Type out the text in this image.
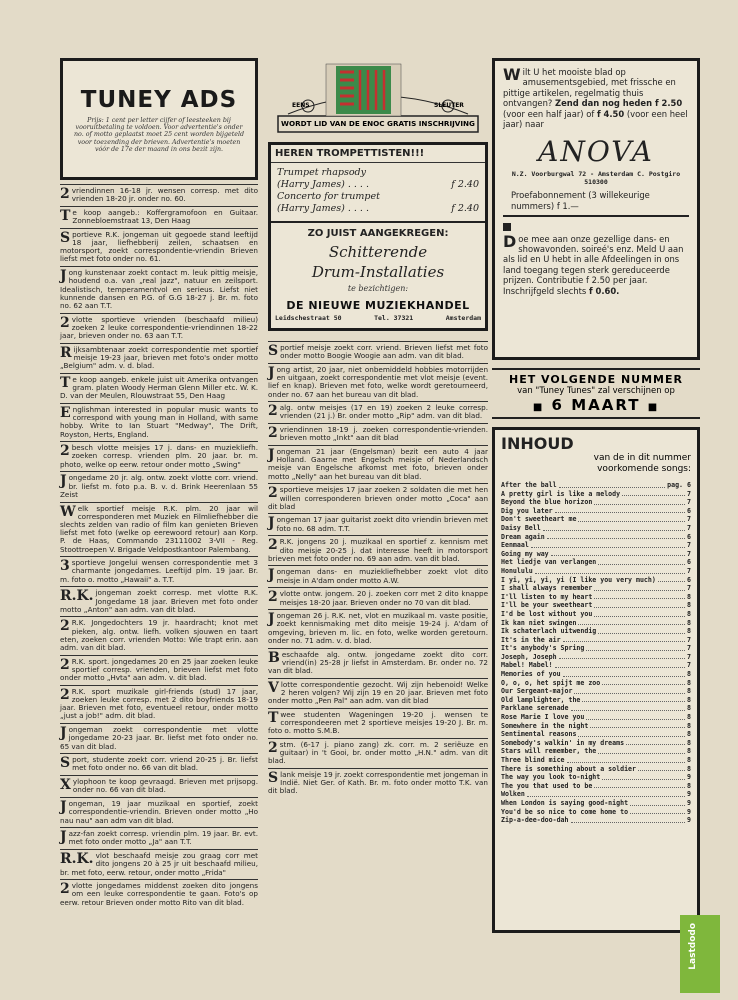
TUNEY ADS
Prijs: 1 cent per letter cijfer of leesteeken bij vooruitbetaling te voldoen. Voor advertentie's onder no. of motto geplaatst moet 25 cent worden bijgeteld voor toezending der brieven. Advertentie's moeten vóór de 17e der maand in ons bezit zijn.
2 vriendinnen 16-18 jr. wensen corresp. met dito vrienden 18-20 jr. onder no. 60.
Te koop aangeb.: Koffergramofoon en Guitaar. Zonnebloemstraat 13, Den Haag
Sportieve R.K. jongeman uit gegoede stand leeftijd 18 jaar, liefhebberij zeilen, schaatsen en motorsport, zoekt correspondentie-vriendin Brieven liefst met foto onder no. 61.
Jong kunstenaar zoekt contact m. leuk pittig meisje, houdend o.a. van „real jazz", natuur en zeilsport. Idealistisch, temperamentvol en serieus. Liefst niet kunnende dansen en P.G. of G.G 18-27 j. Br. m. foto no. 62 aan T.T.
2 vlotte sportieve vrienden (beschaafd milieu) zoeken 2 leuke correspondentie-vriendinnen 18-22 jaar, brieven onder no. 63 aan T.T.
Rijksambtenaar zoekt correspondentie met sportief meisje 19-23 jaar, brieven met foto's onder motto „Belgium" adm. v. d. blad.
Te koop aangeb. enkele juist uit Amerika ontvangen gram. platen Woody Herman Glenn Miller etc. W. K. D. van der Meulen, Rlouwstraat 55, Den Haag
Englishman interested in popular music wants to correspond with young man in Holland, with same hobby. Write to Ian Stuart "Medway", The Drift, Royston, Herts, England.
2 besch vlotte meisjes 17 j. dans- en muziekliefh. zoeken corresp. vrienden plm. 20 jaar. br. m. photo, welke op eerw. retour onder motto „Swing"
Jongedame 20 jr. alg. ontw. zoekt vlotte corr. vriend. br. liefst m. foto p.a. B. v. d. Brink Heerenlaan 55 Zeist
Welk sportief meisje R.K. plm. 20 jaar wil corresponderen met Muziek en Filmliefhebber die slechts zelden van radio of film kan genieten Brieven liefst met foto (welke op eerewoord retour) aan Korp. P. de Haas, Commando 23111002 3-VII - Reg. Stoottroepen V. Brigade Veldpostkantoor Palembang.
3 sportieve Jongelui wensen correspondentie met 3 charmante jongedames. Leeftijd plm. 19 jaar. Br. m. foto o. motto „Hawaii" a. T.T.
R.K. jongeman zoekt corresp. met vlotte R.K. Jongedame 18 jaar. Brieven met foto onder motto „Anton" aan adm. van dit blad.
2 R.K. Jongedochters 19 jr. haardracht; knot met pieken, alg. ontw. liefh. volken sjouwen en taart eten, zoeken corr. vrienden Motto: Wie trapt erin. aan adm. van dit blad.
2 R.K. sport. jongedames 20 en 25 jaar zoeken leuke sportief corresp. vrienden, brieven liefst met foto onder motto „Hvta" aan adm. v. dit blad.
2 R.K. sport muzikale girl-friends (stud) 17 jaar, zoeken leuke corresp. met 2 dito boyfriends 18-19 jaar. Brieven met foto, eventueel retour, onder motto „just a job!" adm. dit blad.
Jongeman zoekt correspondentie met vlotte jongedame 20-23 jaar. Br. liefst met foto onder no. 65 van dit blad.
Sport, studente zoekt corr. vriend 20-25 j. Br. liefst met foto onder no. 66 van dit blad.
Xylophoon te koop gevraagd. Brieven met prijsopg. onder no. 66 van dit blad.
Jongeman, 19 jaar muzikaal en sportief, zoekt correspondentie-vriendin. Brieven onder motto „Ho nau nau" aan adm van dit blad.
Jazz-fan zoekt corresp. vriendin plm. 19 jaar. Br. evt. met foto onder motto „Ja" aan T.T.
R.K. vlot beschaafd meisje zou graag corr met dito jongens 20 à 25 jr uit beschaafd milieu, br. met foto, eerw. retour, onder motto „Frida"
2 vlotte jongedames middenst zoeken dito jongens om een leuke correspondentie te gaan. Foto's op eerw. retour Brieven onder motto Rito van dit blad.
EENS	SLEUTER
WORDT LID VAN DE ENOC GRATIS INSCHRIJVING
HEREN TROMPETTISTEN!!!
Trumpet rhapsody
(Harry James) . . . .	f 2.40
Concerto for trumpet
(Harry James) . . . .	f 2.40
ZO JUIST AANGEKREGEN:
Schitterende
Drum-Installaties
te bezichtigen:
DE NIEUWE MUZIEKHANDEL
Leidschestraat 50	Tel. 37321	Amsterdam
Sportief meisje zoekt corr. vriend. Brieven liefst met foto onder motto Boogie Woogie aan adm. van dit blad.
Jong artist, 20 jaar, niet onbemiddeld hobbies motorrijden en uitgaan, zoekt correspondentie met vlot meisje (event. lief en knap). Brieven met foto, welke wordt geretourneerd, onder no. 67 aan het bureau van dit blad.
2 alg. ontw meisjes (17 en 19) zoeken 2 leuke corresp. vrienden (21 j.) Br. onder motto „Rip" adm. van dit blad.
2 vriendinnen 18-19 j. zoeken correspondentie-vrienden. brieven motto „Inkt" aan dit blad
Jongeman 21 jaar (Engelsman) bezit een auto 4 jaar Holland. Gaarne met Engelsch meisje of Nederlandsch meisje van Engelsche afkomst met foto, brieven onder motto „Nelly" aan het bureau van dit blad.
2 sportieve meisjes 17 jaar zoeken 2 soldaten die met hen willen corresponderen brieven onder motto „Coca" aan dit blad
Jongeman 17 jaar guitarist zoekt dito vriendin brieven met foto no. 68 adm. T.T.
2 R.K. jongens 20 j. muzikaal en sportief z. kennism met dito meisje 20-25 j. dat interesse heeft in motorsport brieven met foto onder no. 69 aan adm. van dit blad.
Jongeman dans- en muziekliefhebber zoekt vlot dito meisje in A'dam onder motto A.W.
2 vlotte ontw. jongem. 20 j. zoeken corr met 2 dito knappe meisjes 18-20 jaar. Brieven onder no 70 van dit blad.
Jongeman 26 j. R.K. net, vlot en muzikaal m. vaste positie, zoekt kennismaking met dito meisje 19-24 j. A'dam of omgeving, brieven m. lic. en foto, welke worden geretourn. onder no. 71 adm. v. d. blad.
Beschaafde alg. ontw. jongedame zoekt dito corr. vriend(in) 25-28 jr liefst in Amsterdam. Br. onder no. 72 van dit blad.
Vlotte correspondentie gezocht. Wij zijn hebenoid! Welke 2 heren volgen? Wij zijn 19 en 20 jaar. Brieven met foto onder motto „Pen Pal" aan adm. van dit blad
Twee studenten Wageningen 19-20 j. wensen te correspondeeren met 2 sportieve meisjes 19-20 J. Br. m. foto o. motto S.M.B.
2 stm. (6-17 j. piano zang) zk. corr. m. 2 seriëuze en guitaar) in 't Gooi, br. onder motto „H.N." adm. van dit blad.
Slank meisje 19 jr. zoekt correspondentie met jongeman in Indië. Niet Ger. of Kath. Br. m. foto onder motto T.K. van dit blad.
Wilt U het mooiste blad op amusementsgebied, met frissche en pittige artikelen, regelmatig thuis ontvangen? Zend dan nog heden f 2.50 (voor een half jaar) of f 4.50 (voor een heel jaar) naar
ANOVA
N.Z. Voorburgwal 72 - Amsterdam C. Postgiro 510300
Proefabonnement (3 willekeurige nummers) f 1.—

Doe mee aan onze gezellige dans- en showavonden. soireé's enz. Meld U aan als lid en U hebt in alle Afdeelingen in ons land toegang tegen sterk gereduceerde prijzen. Contributie f 2.50 per jaar. Inschrijfgeld slechts f 0.60.
HET VOLGENDE NUMMER
van "Tuney Tunes" zal verschijnen op
■ 6 MAART ■
INHOUD
van de in dit nummer
voorkomende songs:
After the ball	pag. 6
A pretty girl is like a melody	7
Beyond the blue horizon	7
Dig you later	6
Don't sweetheart me	7
Daisy Bell	7
Dream again	6
Eenmaal	7
Going my way	7
Het liedje van verlangen	6
Honululu	7
I yi, yi, yi, yi (I like you very much)	6
I shall always remember	7
I'll listen to my heart	8
I'll be your sweetheart	8
I'd be lost without you	8
Ik kan niet swingen	8
Ik schaterlach uitwendig	8
It's in the air	7
It's anybody's Spring	7
Joseph, Joseph	7
Mabel! Mabel!	7
Memories of you	8
O, o, o, het spijt me zoo	8
Our Sergeant-major	8
Old lamplighter, the	8
Parklane serenade	8
Rose Marie I love you	8
Somewhere in the night	8
Sentimental reasons	8
Somebody's walkin' in my dreams	8
Stars will remember, the	8
Three blind mice	8
There is something about a soldier	8
The way you look to-night	9
The you that used to be	8
Wolken	9
When London is saying good-night	9
You'd be so nice to come home to	9
Zip-a-dee-doo-dah	9
Lastdodo
